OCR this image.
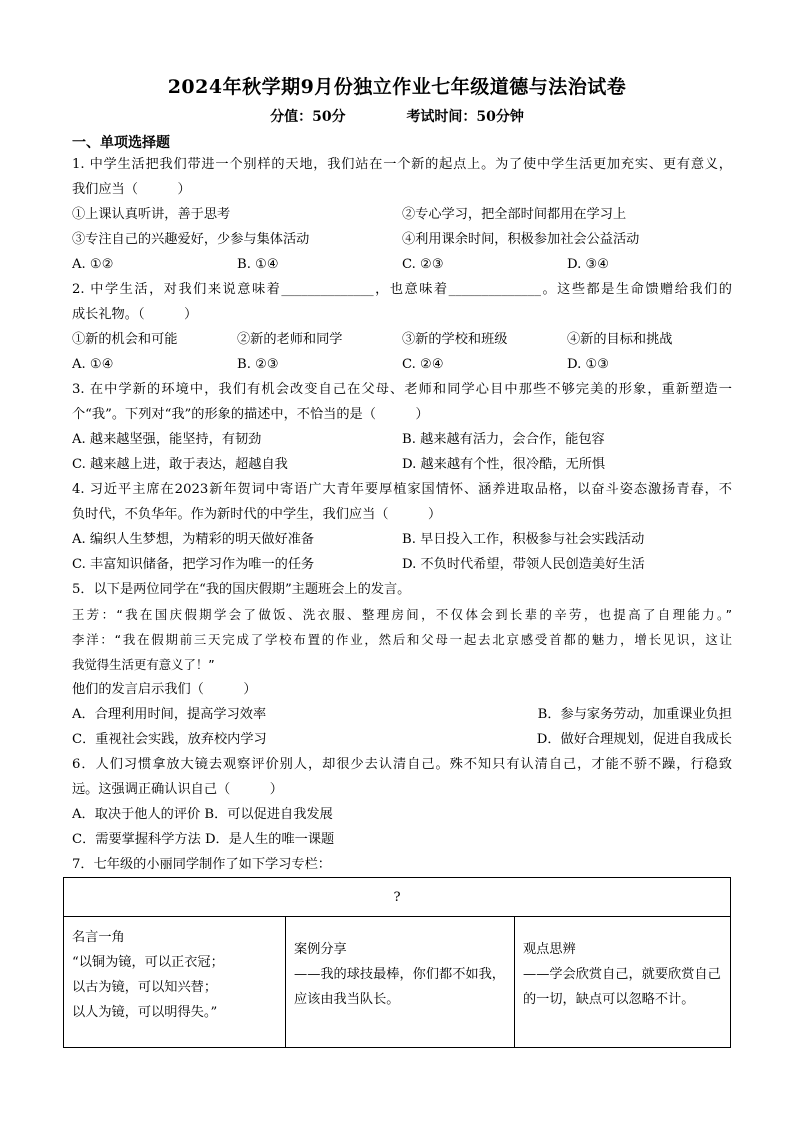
2024年秋学期9月份独立作业七年级道德与法治试卷
分值：50分	考试时间：50分钟
一、单项选择题
1. 中学生活把我们带进一个别样的天地，我们站在一个新的起点上。为了使中学生活更加充实、更有意义，
我们应当（　　　）
①上课认真听讲，善于思考	②专心学习，把全部时间都用在学习上
③专注自己的兴趣爱好，少参与集体活动	④利用课余时间，积极参加社会公益活动
A. ①②	B. ①④	C. ②③	D. ③④
2. 中学生活，对我们来说意味着______________，也意味着______________。这些都是生命馈赠给我们的
成长礼物。（　　　）
①新的机会和可能	②新的老师和同学	③新的学校和班级	④新的目标和挑战
A. ①④	B. ②③	C. ②④	D. ①③
3. 在中学新的环境中，我们有机会改变自己在父母、老师和同学心目中那些不够完美的形象，重新塑造一
个“我”。下列对“我”的形象的描述中，不恰当的是（　　　）
A. 越来越坚强，能坚持，有韧劲	B. 越来越有活力，会合作，能包容
C. 越来越上进，敢于表达，超越自我	D. 越来越有个性，很冷酷，无所惧
4. 习近平主席在2023新年贺词中寄语广大青年要厚植家国情怀、涵养进取品格，以奋斗姿态激扬青春，不
负时代，不负华年。作为新时代的中学生，我们应当（　　　）
A. 编织人生梦想，为精彩的明天做好准备	B. 早日投入工作，积极参与社会实践活动
C. 丰富知识储备，把学习作为唯一的任务	D. 不负时代希望，带领人民创造美好生活
5．以下是两位同学在“我的国庆假期”主题班会上的发言。
王芳：“我在国庆假期学会了做饭、洗衣服、整理房间，不仅体会到长辈的辛劳，也提高了自理能力。”
李洋：“我在假期前三天完成了学校布置的作业，然后和父母一起去北京感受首都的魅力，增长见识，这让
我觉得生活更有意义了！”
他们的发言启示我们（　　　）
A．合理利用时间，提高学习效率	B．参与家务劳动，加重课业负担
C．重视社会实践，放弃校内学习	D．做好合理规划，促进自我成长
6．人们习惯拿放大镜去观察评价别人，却很少去认清自己。殊不知只有认清自己，才能不骄不躁，行稳致
远。这强调正确认识自己（　　　）
A．取决于他人的评价 B．可以促进自我发展
C．需要掌握科学方法 D．是人生的唯一课题
7．七年级的小丽同学制作了如下学习专栏：
?

名言一角
“以铜为镜，可以正衣冠；
以古为镜，可以知兴替；
以人为镜，可以明得失。”

案例分享
——我的球技最棒，你们都不如我，
应该由我当队长。

观点思辨
——学会欣赏自己，就要欣赏自己
的一切，缺点可以忽略不计。
